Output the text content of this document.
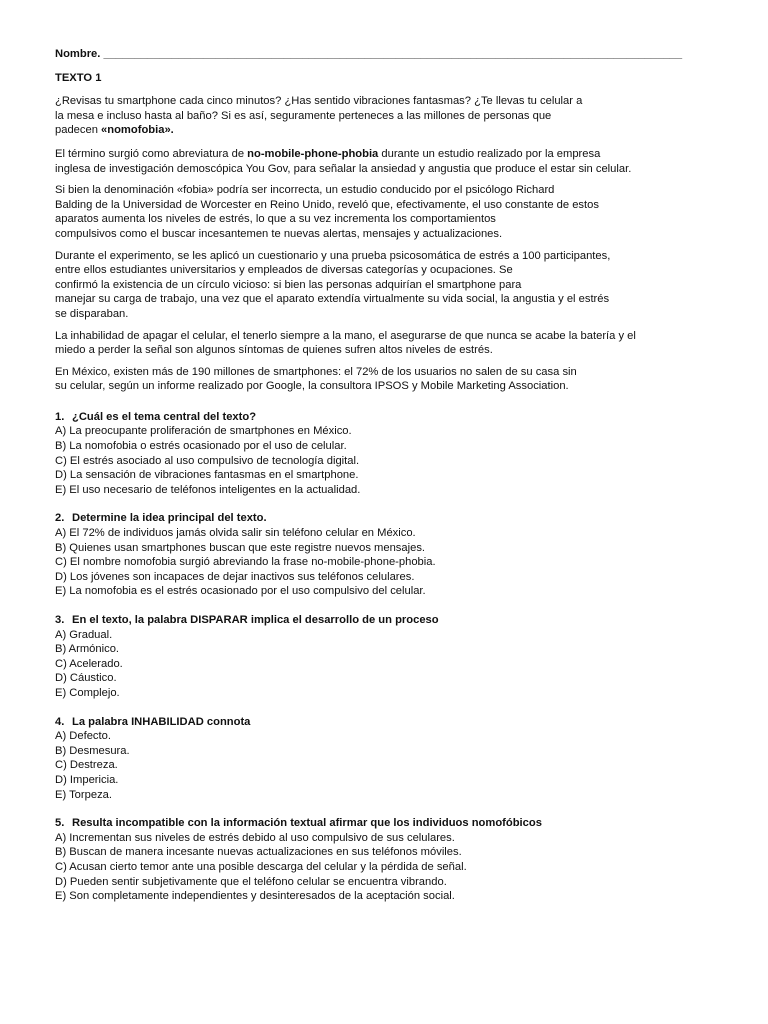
Nombre. _____________________________________________________________________________________________
TEXTO 1
¿Revisas tu smartphone cada cinco minutos? ¿Has sentido vibraciones fantasmas? ¿Te llevas tu celular a
la mesa e incluso hasta al baño? Si es así, seguramente perteneces a las millones de personas que
padecen «nomofobia».
El término surgió como abreviatura de no-mobile-phone-phobia durante un estudio realizado por la empresa
inglesa de investigación demoscópica You Gov, para señalar la ansiedad y angustia que produce el estar sin celular.
Si bien la denominación «fobia» podría ser incorrecta, un estudio conducido por el psicólogo Richard
Balding de la Universidad de Worcester en Reino Unido, reveló que, efectivamente, el uso constante de estos
aparatos aumenta los niveles de estrés, lo que a su vez incrementa los comportamientos
compulsivos como el buscar incesantemen te nuevas alertas, mensajes y actualizaciones.
Durante el experimento, se les aplicó un cuestionario y una prueba psicosomática de estrés a 100 participantes,
entre ellos estudiantes universitarios y empleados de diversas categorías y ocupaciones. Se
confirmó la existencia de un círculo vicioso: si bien las personas adquirían el smartphone para
manejar su carga de trabajo, una vez que el aparato extendía virtualmente su vida social, la angustia y el estrés
se disparaban.
La inhabilidad de apagar el celular, el tenerlo siempre a la mano, el asegurarse de que nunca se acabe la batería y el
miedo a perder la señal son algunos síntomas de quienes sufren altos niveles de estrés.
En México, existen más de 190 millones de smartphones: el 72% de los usuarios no salen de su casa sin
su celular, según un informe realizado por Google, la consultora IPSOS y Mobile Marketing Association.

1. ¿Cuál es el tema central del texto?

A) La preocupante proliferación de smartphones en México.
B) La nomofobia o estrés ocasionado por el uso de celular.
C) El estrés asociado al uso compulsivo de tecnología digital.
D) La sensación de vibraciones fantasmas en el smartphone.
E) El uso necesario de teléfonos inteligentes en la actualidad.

2. Determine la idea principal del texto.

A) El 72% de individuos jamás olvida salir sin teléfono celular en México.
B) Quienes usan smartphones buscan que este registre nuevos mensajes.
C) El nombre nomofobia surgió abreviando la frase no-mobile-phone-phobia.
D) Los jóvenes son incapaces de dejar inactivos sus teléfonos celulares.
E) La nomofobia es el estrés ocasionado por el uso compulsivo del celular.

3. En el texto, la palabra DISPARAR implica el desarrollo de un proceso

A) Gradual.
B) Armónico.
C) Acelerado.
D) Cáustico.
E) Complejo.

4. La palabra INHABILIDAD connota

A) Defecto.
B) Desmesura.
C) Destreza.
D) Impericia.
E) Torpeza.

5. Resulta incompatible con la información textual afirmar que los individuos nomofóbicos

A) Incrementan sus niveles de estrés debido al uso compulsivo de sus celulares.
B) Buscan de manera incesante nuevas actualizaciones en sus teléfonos móviles.
C) Acusan cierto temor ante una posible descarga del celular y la pérdida de señal.
D) Pueden sentir subjetivamente que el teléfono celular se encuentra vibrando.
E) Son completamente independientes y desinteresados de la aceptación social.
